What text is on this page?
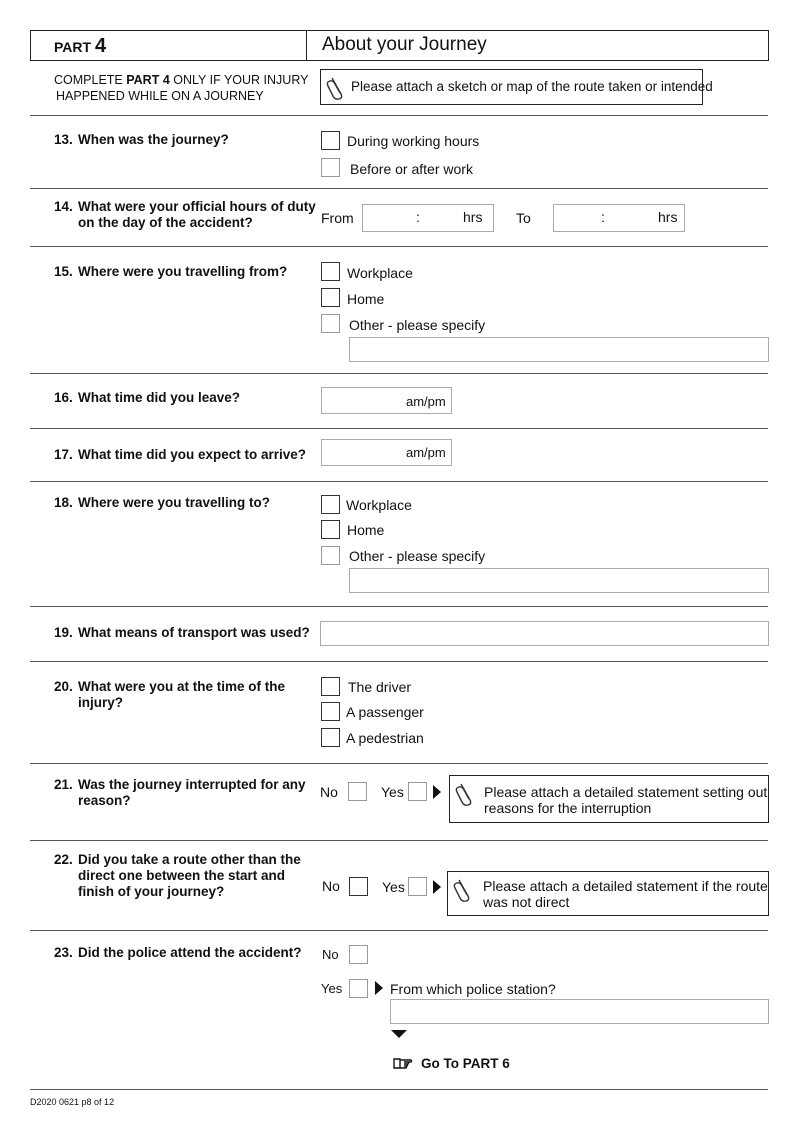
PART 4	About your Journey
COMPLETE PART 4 ONLY IF YOUR INJURY
HAPPENED WHILE ON A JOURNEY
Please attach a sketch or map of the route taken or intended
13. When was the journey?	During working hours
Before or after work
14. What were your official hours of duty
on the day of the accident?	From	:	hrs To	:	hrs
15. Where were you travelling from?	Workplace
Home
Other - please specify
16. What time did you leave?	am/pm
17. What time did you expect to arrive?	am/pm
18. Where were you travelling to?	Workplace
Home
Other - please specify
19. What means of transport was used?
20. What were you at the time of the
injury?
The driver
A passenger
A pedestrian
21. Was the journey interrupted for any
reason?
No	Yes	Please attach a detailed statement setting out
reasons for the interruption
22. Did you take a route other than the
direct one between the start and
finish of your journey?	No	Yes	Please attach a detailed statement if the route
was not direct
23. Did the police attend the accident? No
Yes	From which police station?
Go To PART 6
D2020 0621 p8 of 12
